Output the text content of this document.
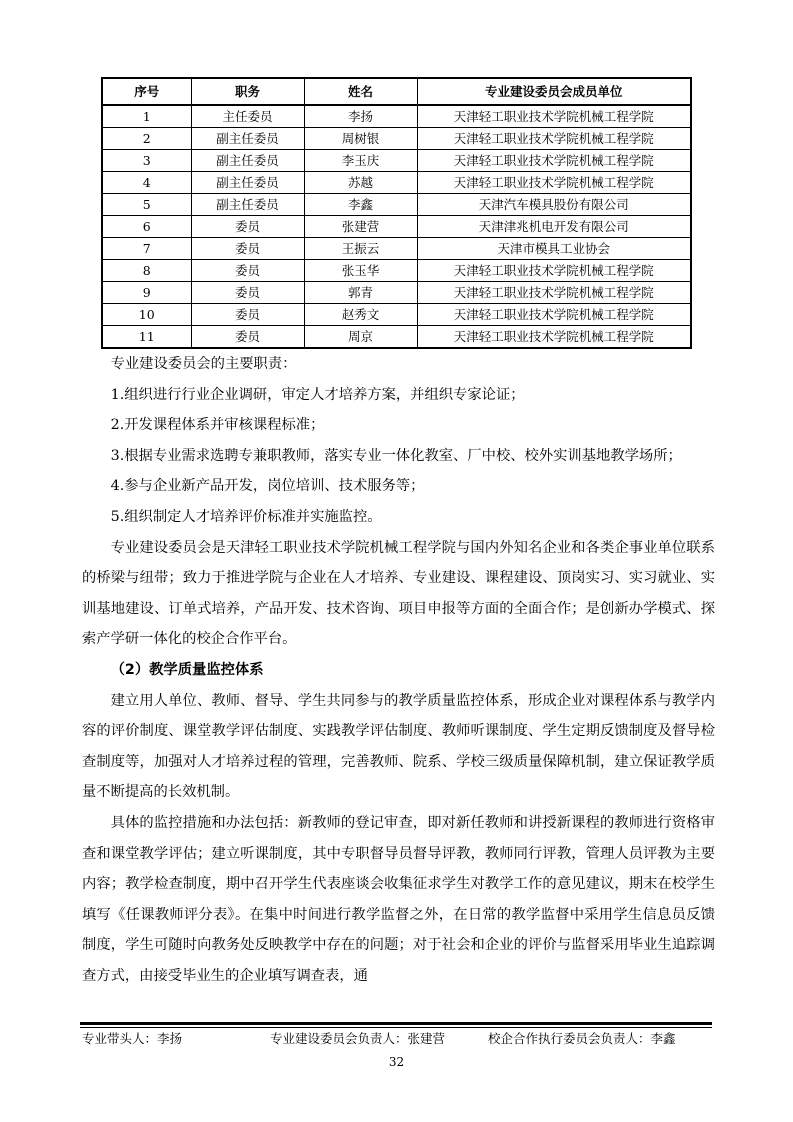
序号	职务	姓名	专业建设委员会成员单位
1	主任委员	李扬	天津轻工职业技术学院机械工程学院
2	副主任委员	周树银	天津轻工职业技术学院机械工程学院
3	副主任委员	李玉庆	天津轻工职业技术学院机械工程学院
4	副主任委员	苏越	天津轻工职业技术学院机械工程学院
5	副主任委员	李鑫	天津汽车模具股份有限公司
6	委员	张建营	天津津兆机电开发有限公司
7	委员	王振云	天津市模具工业协会
8	委员	张玉华	天津轻工职业技术学院机械工程学院
9	委员	郭青	天津轻工职业技术学院机械工程学院
10	委员	赵秀文	天津轻工职业技术学院机械工程学院
11	委员	周京	天津轻工职业技术学院机械工程学院

专业建设委员会的主要职责：

1.组织进行行业企业调研，审定人才培养方案，并组织专家论证；

2.开发课程体系并审核课程标准；

3.根据专业需求选聘专兼职教师，落实专业一体化教室、厂中校、校外实训基地教学场所；

4.参与企业新产品开发，岗位培训、技术服务等；

5.组织制定人才培养评价标准并实施监控。

专业建设委员会是天津轻工职业技术学院机械工程学院与国内外知名企业和各类企事业单位联系的桥梁与纽带；致力于推进学院与企业在人才培养、专业建设、课程建设、顶岗实习、实习就业、实训基地建设、订单式培养，产品开发、技术咨询、项目申报等方面的全面合作；是创新办学模式、探索产学研一体化的校企合作平台。

（2）教学质量监控体系

建立用人单位、教师、督导、学生共同参与的教学质量监控体系，形成企业对课程体系与教学内容的评价制度、课堂教学评估制度、实践教学评估制度、教师听课制度、学生定期反馈制度及督导检查制度等，加强对人才培养过程的管理，完善教师、院系、学校三级质量保障机制，建立保证教学质量不断提高的长效机制。

具体的监控措施和办法包括：新教师的登记审查，即对新任教师和讲授新课程的教师进行资格审查和课堂教学评估；建立听课制度，其中专职督导员督导评教，教师同行评教，管理人员评教为主要内容；教学检查制度，期中召开学生代表座谈会收集征求学生对教学工作的意见建议，期末在校学生填写《任课教师评分表》。在集中时间进行教学监督之外，在日常的教学监督中采用学生信息员反馈制度，学生可随时向教务处反映教学中存在的问题；对于社会和企业的评价与监督采用毕业生追踪调查方式，由接受毕业生的企业填写调查表，通

专业带头人：李扬	专业建设委员会负责人：张建营	校企合作执行委员会负责人：李鑫
32
